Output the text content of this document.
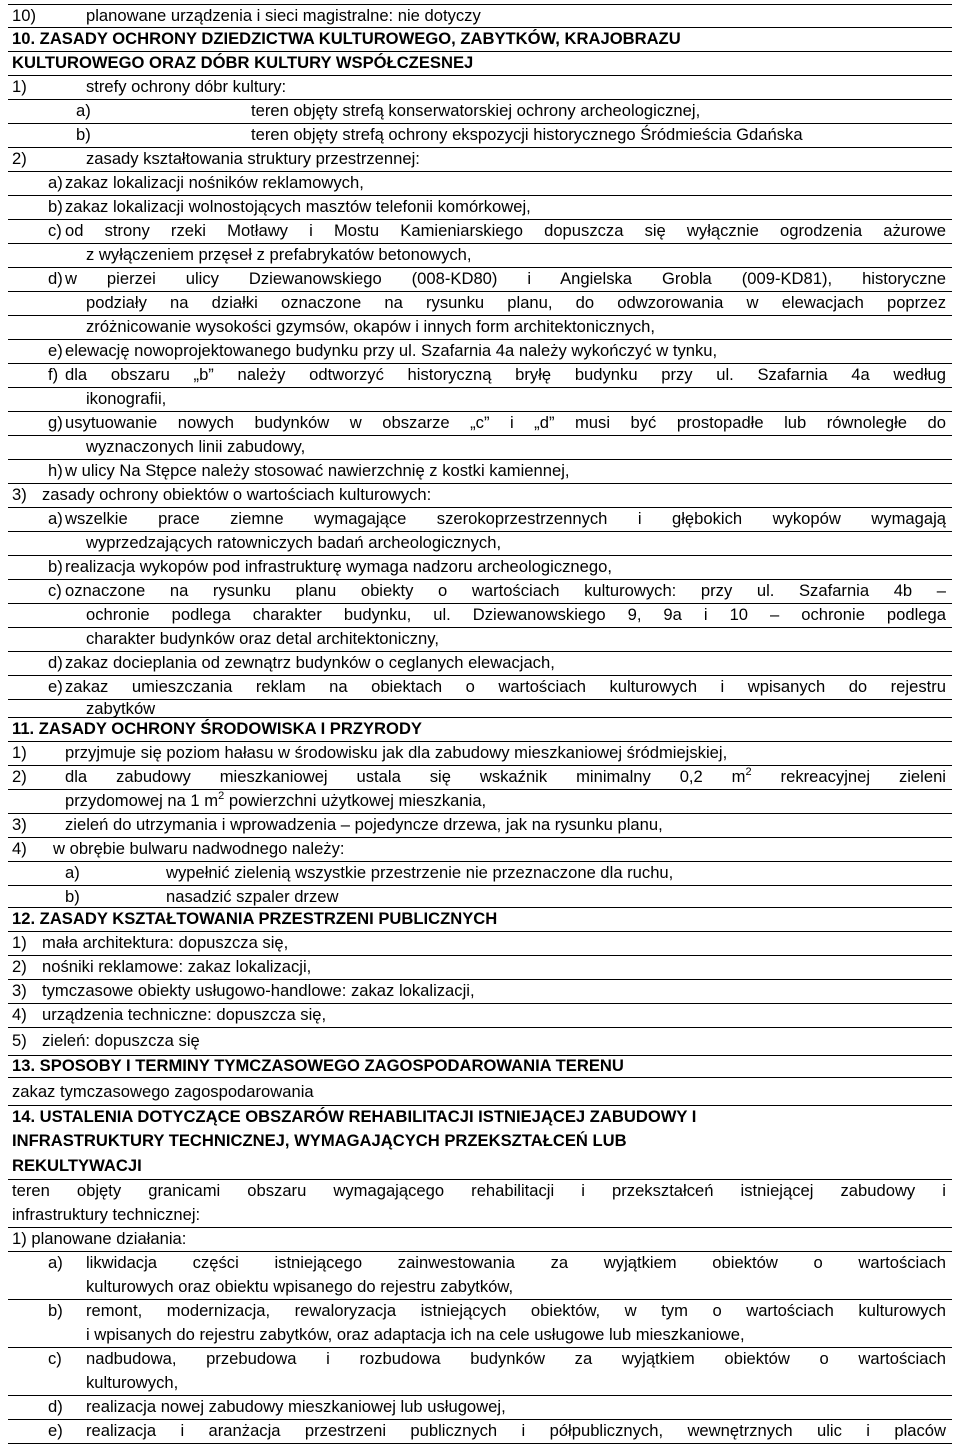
10)	planowane urządzenia i sieci magistralne: nie dotyczy
10. ZASADY OCHRONY DZIEDZICTWA KULTUROWEGO, ZABYTKÓW, KRAJOBRAZU
KULTUROWEGO ORAZ DÓBR KULTURY WSPÓŁCZESNEJ
1)	strefy ochrony dóbr kultury:
a)	teren objęty strefą konserwatorskiej ochrony archeologicznej,
b)	teren objęty strefą ochrony ekspozycji historycznego Śródmieścia Gdańska
2)	zasady kształtowania struktury przestrzennej:
a) zakaz lokalizacji nośników reklamowych,
b) zakaz lokalizacji wolnostojących masztów telefonii komórkowej,
c) od strony rzeki Motławy i Mostu Kamieniarskiego dopuszcza się wyłącznie ogrodzenia ażurowe
z wyłączeniem przęseł z prefabrykatów betonowych,
d) w pierzei ulicy Dziewanowskiego (008-KD80) i Angielska Grobla (009-KD81), historyczne
podziały na działki oznaczone na rysunku planu, do odwzorowania w elewacjach poprzez
zróżnicowanie wysokości gzymsów, okapów i innych form architektonicznych,
e) elewację nowoprojektowanego budynku przy ul. Szafarnia 4a należy wykończyć w tynku,
f) dla obszaru „b” należy odtworzyć historyczną bryłę budynku przy ul. Szafarnia 4a według
ikonografii,
g) usytuowanie nowych budynków w obszarze „c” i „d” musi być prostopadłe lub równoległe do
wyznaczonych linii zabudowy,
h) w ulicy Na Stępce należy stosować nawierzchnię z kostki kamiennej,
3) zasady ochrony obiektów o wartościach kulturowych:
a) wszelkie prace ziemne wymagające szerokoprzestrzennych i głębokich wykopów wymagają
wyprzedzających ratowniczych badań archeologicznych,
b) realizacja wykopów pod infrastrukturę wymaga nadzoru archeologicznego,
c) oznaczone na rysunku planu obiekty o wartościach kulturowych: przy ul. Szafarnia 4b –
ochronie podlega charakter budynku, ul. Dziewanowskiego 9, 9a i 10 – ochronie podlega
charakter budynków oraz detal architektoniczny,
d) zakaz docieplania od zewnątrz budynków o ceglanych elewacjach,
e) zakaz umieszczania reklam na obiektach o wartościach kulturowych i wpisanych do rejestru
zabytków
11. ZASADY OCHRONY ŚRODOWISKA I PRZYRODY
1) przyjmuje się poziom hałasu w środowisku jak dla zabudowy mieszkaniowej śródmiejskiej,
2) dla zabudowy mieszkaniowej ustala się wskaźnik minimalny 0,2 $m^2$ rekreacyjnej zieleni
przydomowej na 1 $m^2$ powierzchni użytkowej mieszkania,
3) zieleń do utrzymania i wprowadzenia – pojedyncze drzewa, jak na rysunku planu,
4) w obrębie bulwaru nadwodnego należy:
a)	wypełnić zielenią wszystkie przestrzenie nie przeznaczone dla ruchu,
b)	nasadzić szpaler drzew
12. ZASADY KSZTAŁTOWANIA PRZESTRZENI PUBLICZNYCH
1) mała architektura: dopuszcza się,
2) nośniki reklamowe: zakaz lokalizacji,
3) tymczasowe obiekty usługowo-handlowe: zakaz lokalizacji,
4) urządzenia techniczne: dopuszcza się,
5) zieleń: dopuszcza się
13. SPOSOBY I TERMINY TYMCZASOWEGO ZAGOSPODAROWANIA TERENU
zakaz tymczasowego zagospodarowania
14. USTALENIA DOTYCZĄCE OBSZARÓW REHABILITACJI ISTNIEJĄCEJ ZABUDOWY I
INFRASTRUKTURY TECHNICZNEJ, WYMAGAJĄCYCH PRZEKSZTAŁCEŃ LUB
REKULTYWACJI
teren objęty granicami obszaru wymagającego rehabilitacji i przekształceń istniejącej zabudowy i
infrastruktury technicznej:
1) planowane działania:
a) likwidacja części istniejącego zainwestowania za wyjątkiem obiektów o wartościach
kulturowych oraz obiektu wpisanego do rejestru zabytków,
b) remont, modernizacja, rewaloryzacja istniejących obiektów, w tym o wartościach kulturowych
i wpisanych do rejestru zabytków, oraz adaptacja ich na cele usługowe lub mieszkaniowe,
c) nadbudowa, przebudowa i rozbudowa budynków za wyjątkiem obiektów o wartościach
kulturowych,
d) realizacja nowej zabudowy mieszkaniowej lub usługowej,
e) realizacja i aranżacja przestrzeni publicznych i półpublicznych, wewnętrznych ulic i placów
